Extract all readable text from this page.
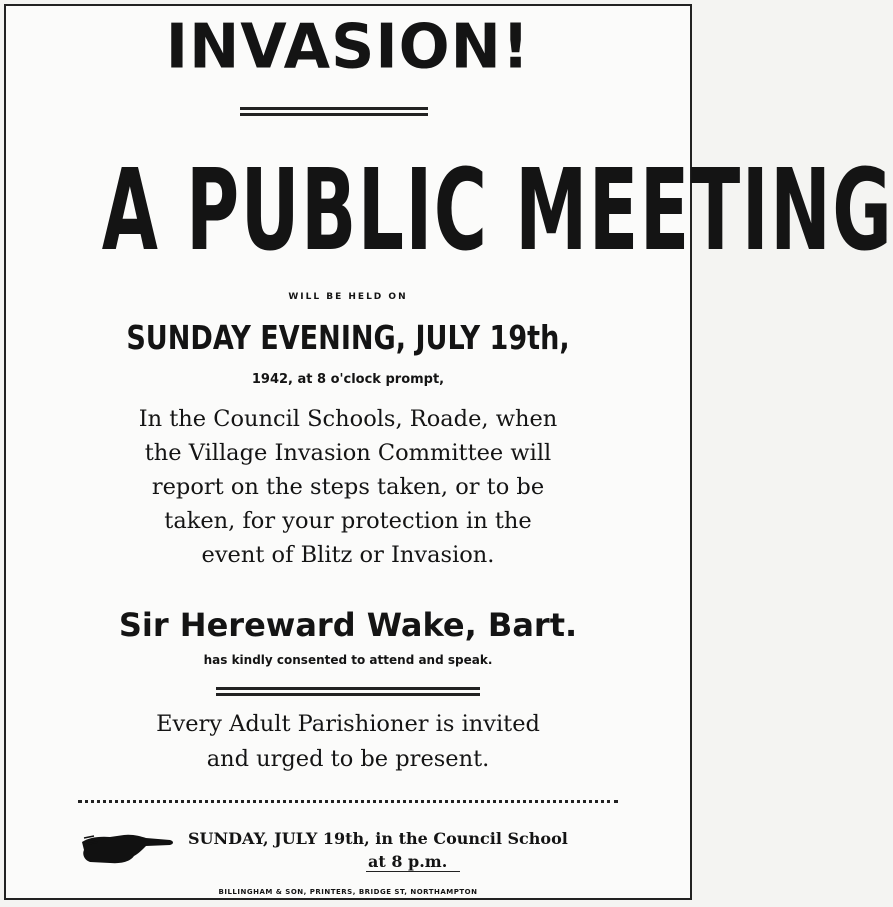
INVASION!
A PUBLIC MEETING
WILL BE HELD ON
SUNDAY EVENING, JULY 19th,
1942, at 8 o'clock prompt,
In the Council Schools, Roade, when
the Village Invasion Committee will
report on the steps taken, or to be
taken, for your protection in the
event of Blitz or Invasion.
Sir Hereward Wake, Bart.
has kindly consented to attend and speak.
Every Adult Parishioner is invited
and urged to be present.
SUNDAY, JULY 19th, in the Council School
at 8 p.m.
BILLINGHAM & SON, PRINTERS, BRIDGE ST, NORTHAMPTON
